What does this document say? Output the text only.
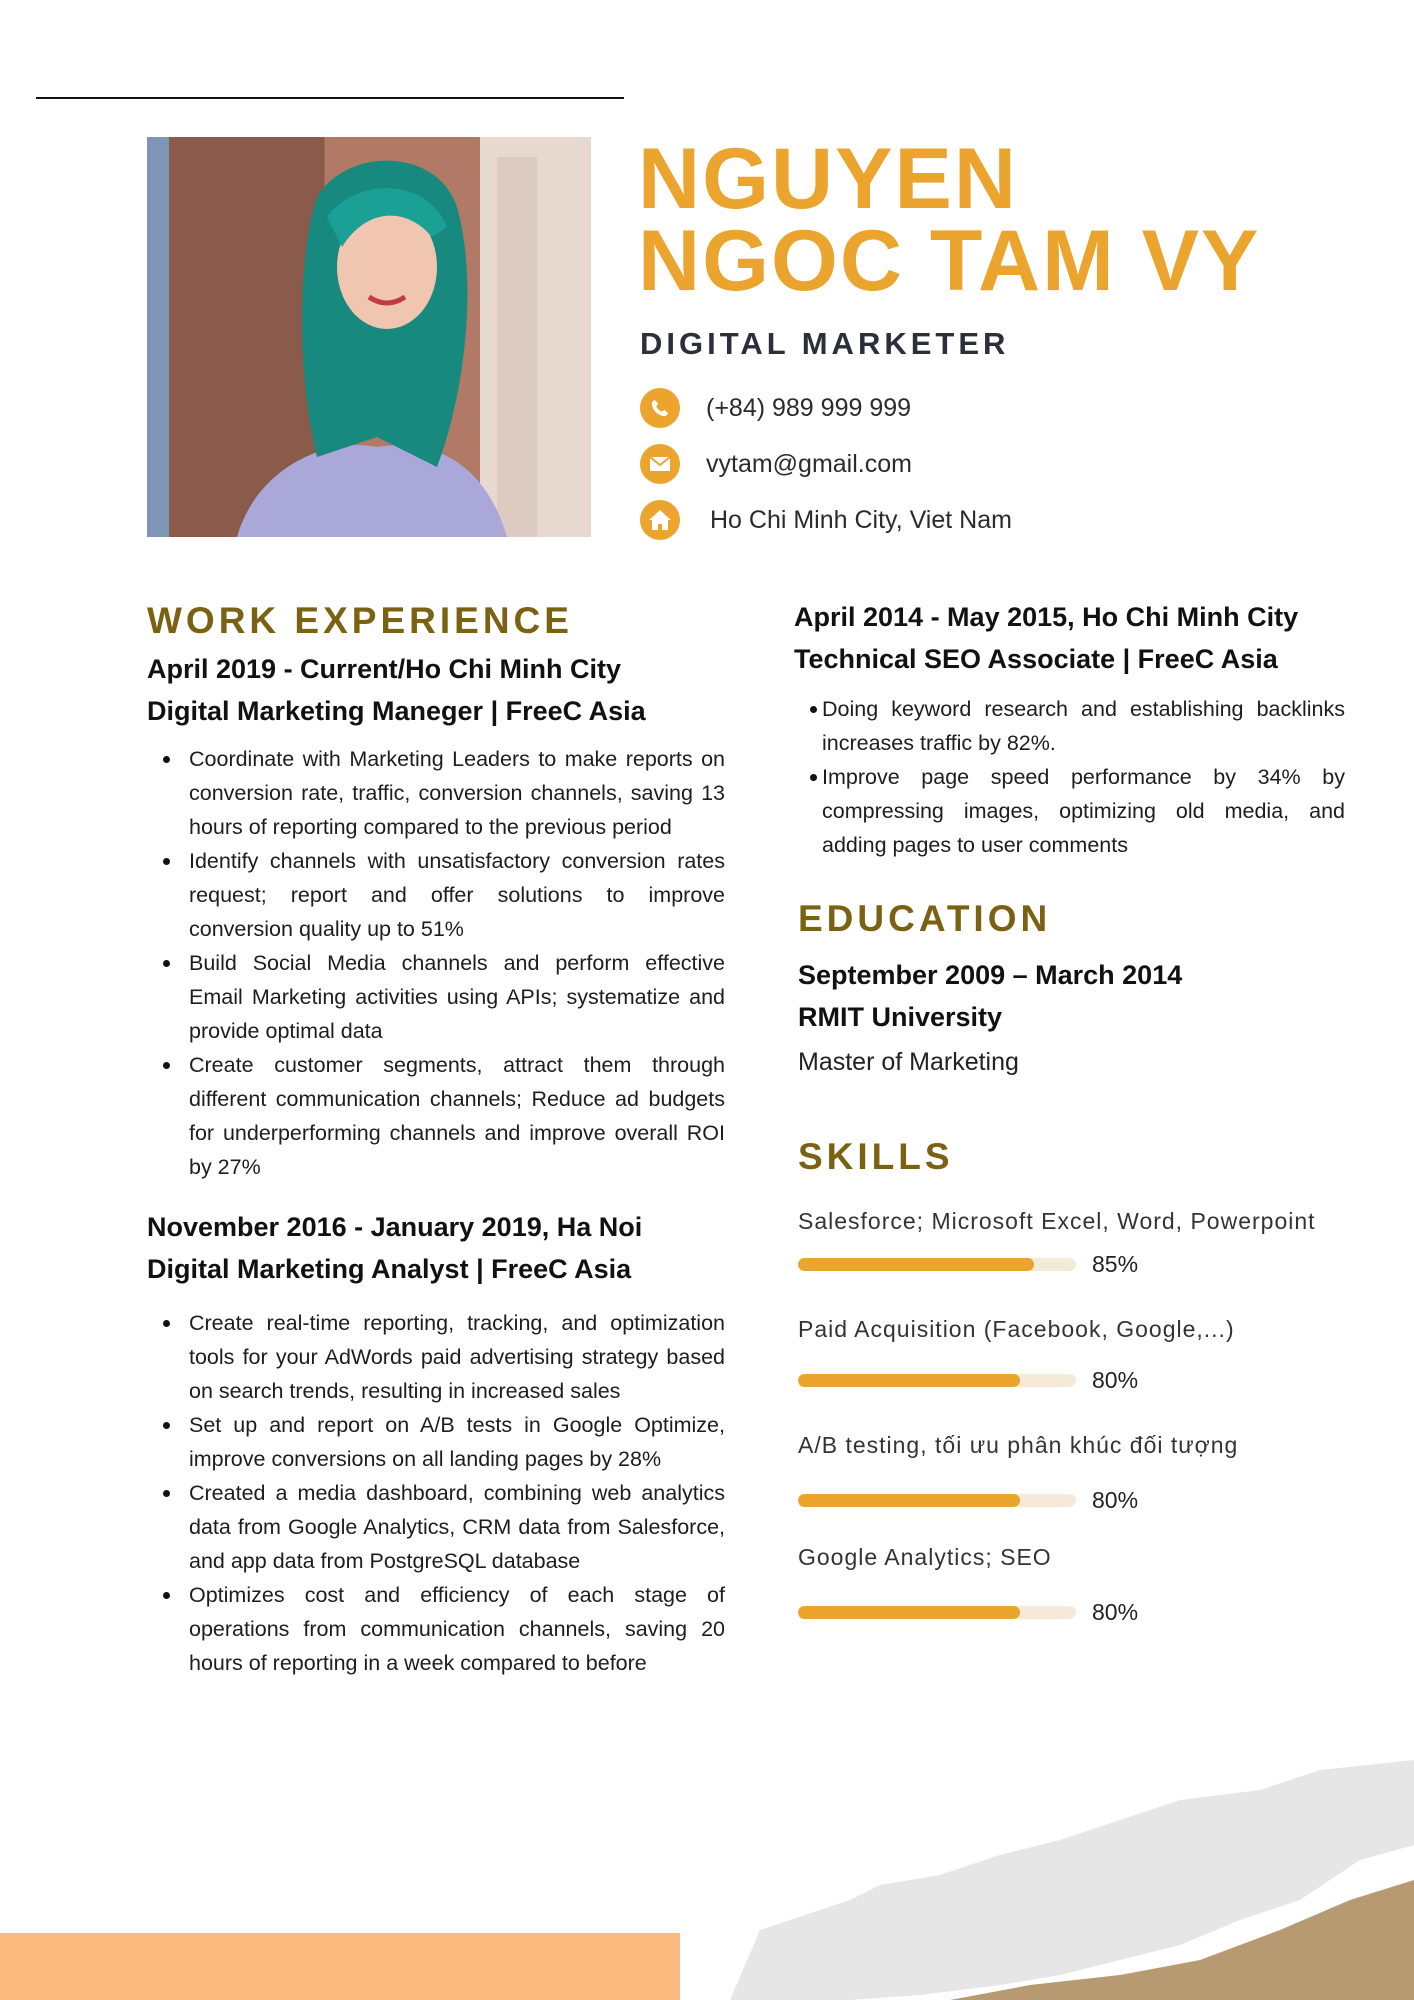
NGUYEN
NGOC TAM VY
DIGITAL MARKETER
(+84) 989 999 999
vytam@gmail.com
Ho Chi Minh City, Viet Nam
WORK EXPERIENCE
April 2019 - Current/Ho Chi Minh City
Digital Marketing Maneger | FreeC Asia
Coordinate with Marketing Leaders to make reports on conversion rate, traffic, conversion channels, saving 13 hours of reporting compared to the previous period
Identify channels with unsatisfactory conversion rates request; report and offer solutions to improve conversion quality up to 51%
Build Social Media channels and perform effective Email Marketing activities using APIs; systematize and provide optimal data
Create customer segments, attract them through different communication channels; Reduce ad budgets for underperforming channels and improve overall ROI by 27%
November 2016 - January 2019, Ha Noi
Digital Marketing Analyst | FreeC Asia
Create real-time reporting, tracking, and optimization tools for your AdWords paid advertising strategy based on search trends, resulting in increased sales
Set up and report on A/B tests in Google Optimize, improve conversions on all landing pages by 28%
Created a media dashboard, combining web analytics data from Google Analytics, CRM data from Salesforce, and app data from PostgreSQL database
Optimizes cost and efficiency of each stage of operations from communication channels, saving 20 hours of reporting in a week compared to before
April 2014 - May 2015, Ho Chi Minh City
Technical SEO Associate | FreeC Asia
Doing keyword research and establishing backlinks increases traffic by 82%.
Improve page speed performance by 34% by compressing images, optimizing old media, and adding pages to user comments
EDUCATION
September 2009 – March 2014
RMIT University
Master of Marketing
SKILLS
Salesforce; Microsoft Excel, Word, Powerpoint
85%
Paid Acquisition (Facebook, Google,...)
80%
A/B testing, tối ưu phân khúc đối tượng
80%
Google Analytics; SEO
80%
